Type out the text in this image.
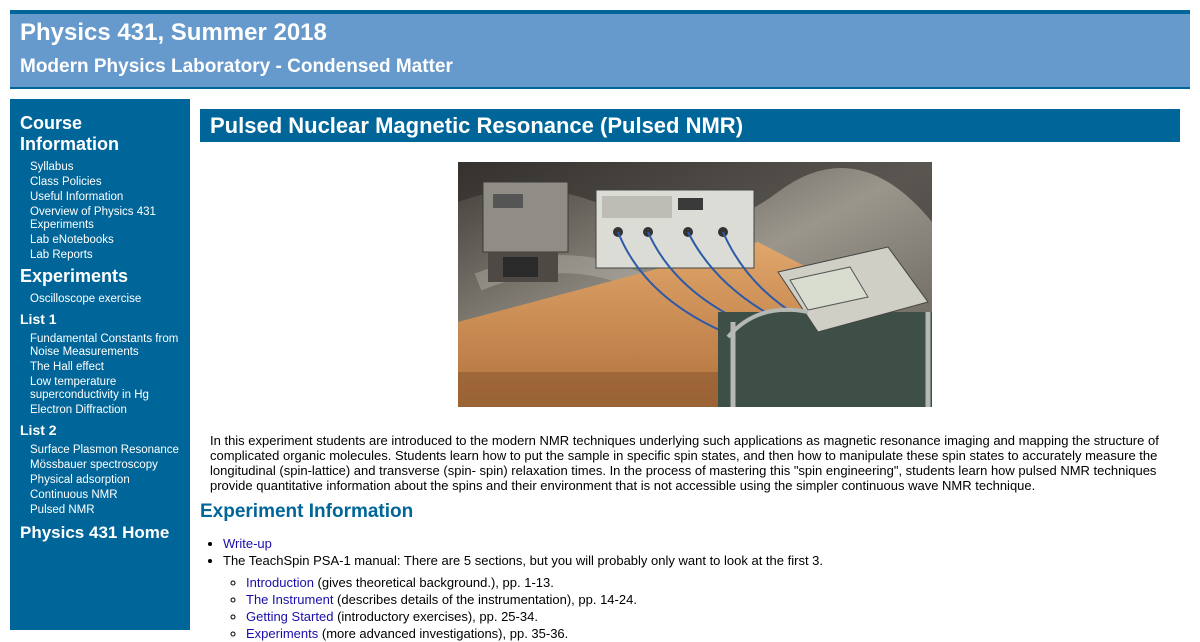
Physics 431, Summer 2018
Modern Physics Laboratory - Condensed Matter
Course Information
Syllabus
Class Policies
Useful Information
Overview of Physics 431 Experiments
Lab eNotebooks
Lab Reports
Experiments
Oscilloscope exercise
List 1
Fundamental Constants from Noise Measurements
The Hall effect
Low temperature superconductivity in Hg
Electron Diffraction
List 2
Surface Plasmon Resonance
Mössbauer spectroscopy
Physical adsorption
Continuous NMR
Pulsed NMR
Physics 431 Home
Pulsed Nuclear Magnetic Resonance (Pulsed NMR)
In this experiment students are introduced to the modern NMR techniques underlying such applications as magnetic resonance imaging and mapping the structure of complicated organic molecules. Students learn how to put the sample in specific spin states, and then how to manipulate these spin states to accurately measure the longitudinal (spin-lattice) and transverse (spin- spin) relaxation times. In the process of mastering this "spin engineering", students learn how pulsed NMR techniques provide quantitative information about the spins and their environment that is not accessible using the simpler continuous wave NMR technique.
Experiment Information
• Write-up
• The TeachSpin PSA-1 manual: There are 5 sections, but you will probably only want to look at the first 3.
◦ Introduction (gives theoretical background.), pp. 1-13.
◦ The Instrument (describes details of the instrumentation), pp. 14-24.
◦ Getting Started (introductory exercises), pp. 25-34.
◦ Experiments (more advanced investigations), pp. 35-36.
